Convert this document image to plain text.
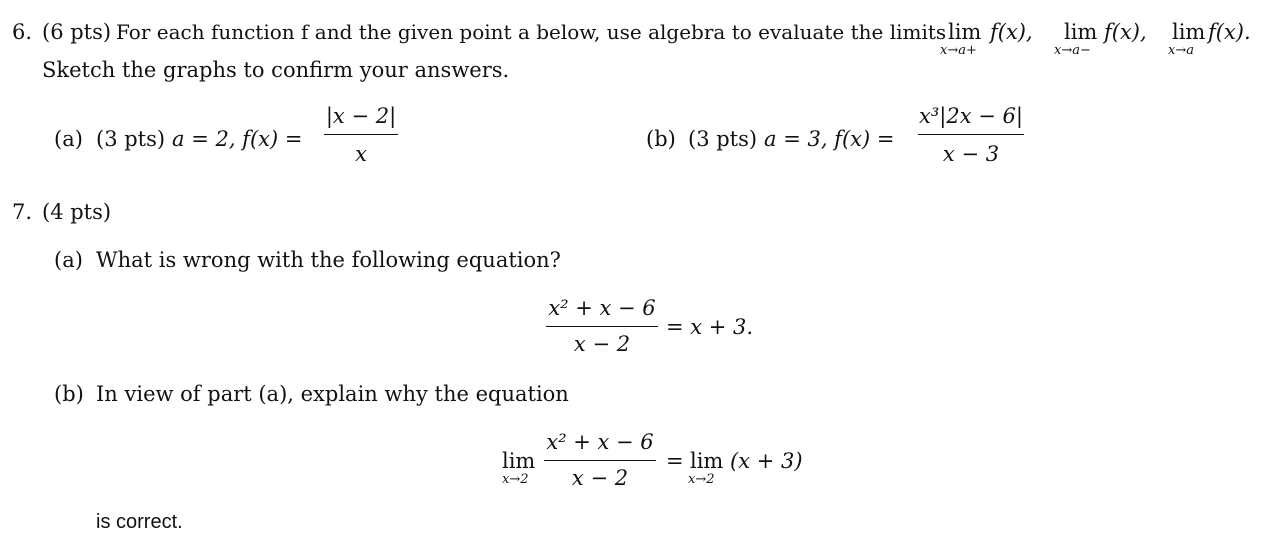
6. (6 pts) For each function f and the given point a below, use algebra to evaluate the limits lim
x→a+
f(x), lim
x→a−
f(x), lim
x→a
f(x).
Sketch the graphs to confirm your answers.
(a) (3 pts) a = 2, f(x) =
|x − 2|
x
(b) (3 pts) a = 3, f(x) =
x³|2x − 6|
x − 3
7. (4 pts)
(a) What is wrong with the following equation?
x² + x − 6
x − 2
= x + 3.
(b) In view of part (a), explain why the equation
lim
x→2
x² + x − 6
x − 2
= lim
x→2
(x + 3)
is correct.
